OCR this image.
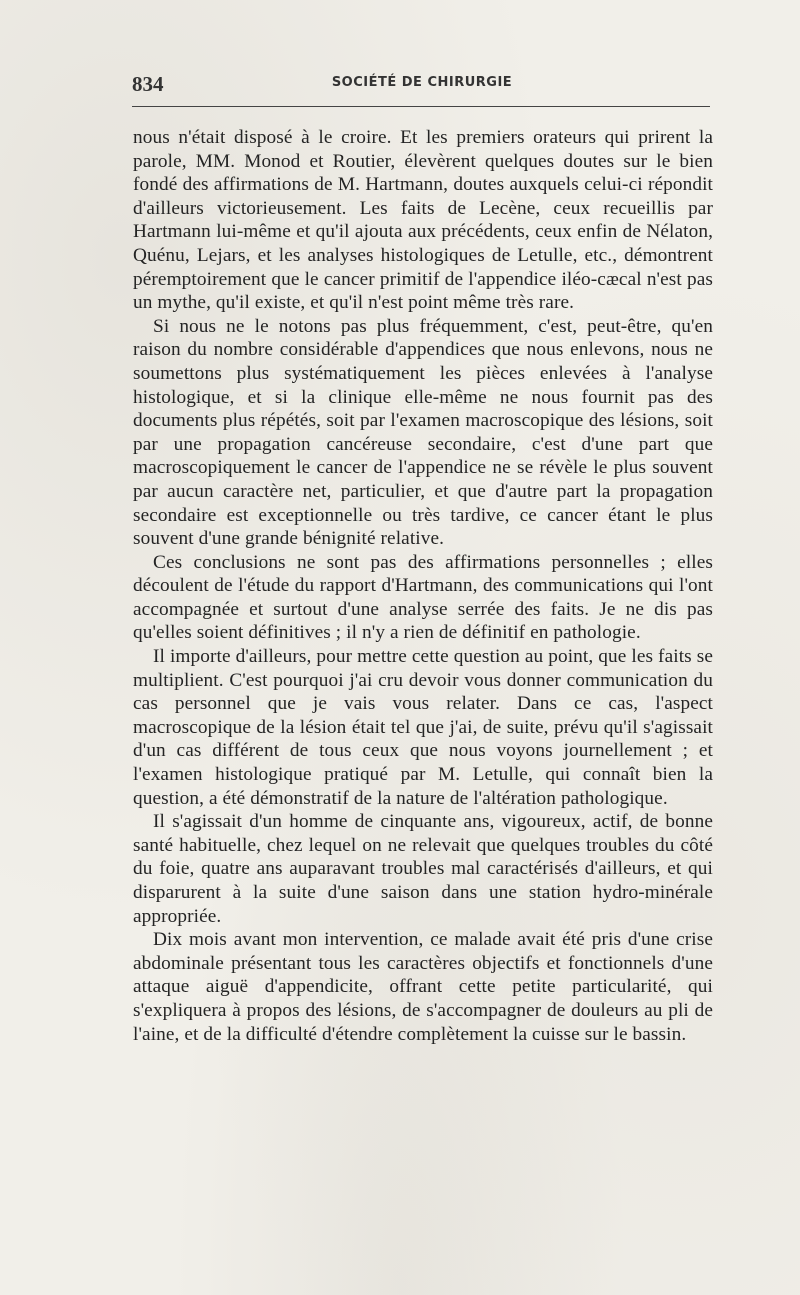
834	SOCIÉTÉ DE CHIRURGIE

nous n'était disposé à le croire. Et les premiers orateurs qui prirent la parole, MM. Monod et Routier, élevèrent quelques doutes sur le bien fondé des affirmations de M. Hartmann, doutes auxquels celui-ci répondit d'ailleurs victorieusement. Les faits de Lecène, ceux recueillis par Hartmann lui-même et qu'il ajouta aux précédents, ceux enfin de Nélaton, Quénu, Lejars, et les analyses histologiques de Letulle, etc., démontrent péremptoirement que le cancer primitif de l'appendice iléo-cæcal n'est pas un mythe, qu'il existe, et qu'il n'est point même très rare.

Si nous ne le notons pas plus fréquemment, c'est, peut-être, qu'en raison du nombre considérable d'appendices que nous enlevons, nous ne soumettons plus systématiquement les pièces enlevées à l'analyse histologique, et si la clinique elle-même ne nous fournit pas des documents plus répétés, soit par l'examen macroscopique des lésions, soit par une propagation cancéreuse secondaire, c'est d'une part que macroscopiquement le cancer de l'appendice ne se révèle le plus souvent par aucun caractère net, particulier, et que d'autre part la propagation secondaire est exceptionnelle ou très tardive, ce cancer étant le plus souvent d'une grande bénignité relative.

Ces conclusions ne sont pas des affirmations personnelles ; elles découlent de l'étude du rapport d'Hartmann, des communications qui l'ont accompagnée et surtout d'une analyse serrée des faits. Je ne dis pas qu'elles soient définitives ; il n'y a rien de définitif en pathologie.

Il importe d'ailleurs, pour mettre cette question au point, que les faits se multiplient. C'est pourquoi j'ai cru devoir vous donner communication du cas personnel que je vais vous relater. Dans ce cas, l'aspect macroscopique de la lésion était tel que j'ai, de suite, prévu qu'il s'agissait d'un cas différent de tous ceux que nous voyons journellement ; et l'examen histologique pratiqué par M. Letulle, qui connaît bien la question, a été démonstratif de la nature de l'altération pathologique.

Il s'agissait d'un homme de cinquante ans, vigoureux, actif, de bonne santé habituelle, chez lequel on ne relevait que quelques troubles du côté du foie, quatre ans auparavant troubles mal caractérisés d'ailleurs, et qui disparurent à la suite d'une saison dans une station hydro-minérale appropriée.

Dix mois avant mon intervention, ce malade avait été pris d'une crise abdominale présentant tous les caractères objectifs et fonctionnels d'une attaque aiguë d'appendicite, offrant cette petite particularité, qui s'expliquera à propos des lésions, de s'accompagner de douleurs au pli de l'aine, et de la difficulté d'étendre complètement la cuisse sur le bassin.
